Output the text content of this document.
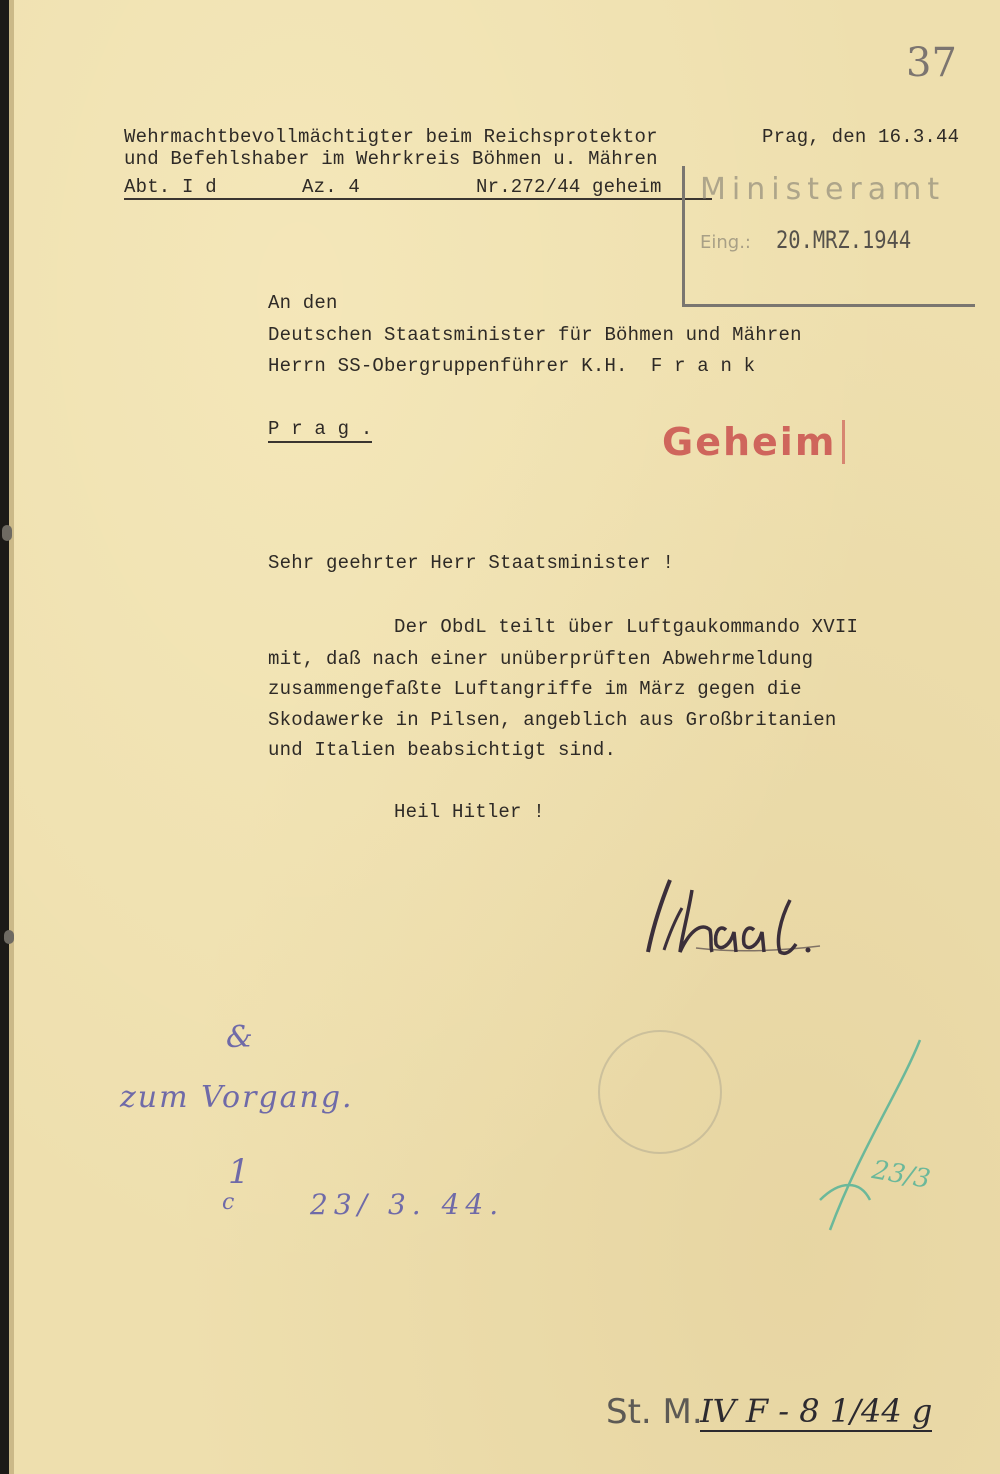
37
Wehrmachtbevollmächtigter beim Reichsprotektor
und Befehlshaber im Wehrkreis Böhmen u. Mähren
Prag, den 16.3.44
Abt. I d	Az. 4	Nr.272/44 geheim Ministeramt
Eing.: 20.MRZ.1944
An den
Deutschen Staatsminister für Böhmen und Mähren
Herrn SS-Obergruppenführer K.H.  F r a n k
P r a g .	Geheim
Sehr geehrter Herr Staatsminister !
Der ObdL teilt über Luftgaukommando XVII
mit, daß nach einer unüberprüften Abwehrmeldung
zusammengefaßte Luftangriffe im März gegen die
Skodawerke in Pilsen, angeblich aus Großbritanien
und Italien beabsichtigt sind.
Heil Hitler !
&
zum Vorgang.
1
c	23/ 3. 44.
23/3
St. M.
IV F - 8 1/44 g
